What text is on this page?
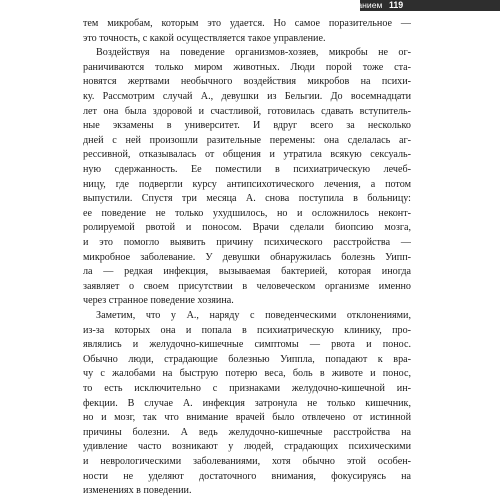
Контроль над сознанием 119
тем микробам, которым это удается. Но самое поразительное —
это точность, с какой осуществляется такое управление.
Воздействуя на поведение организмов-хозяев, микробы не ог-
раничиваются только миром животных. Люди порой тоже ста-
новятся жертвами необычного воздействия микробов на психи-
ку. Рассмотрим случай А., девушки из Бельгии. До восемнадцати
лет она была здоровой и счастливой, готовилась сдавать вступитель-
ные экзамены в университет. И вдруг всего за несколько
дней с ней произошли разительные перемены: она сделалась аг-
рессивной, отказывалась от общения и утратила всякую сексуаль-
ную сдержанность. Ее поместили в психиатрическую лечеб-
ницу, где подвергли курсу антипсихотического лечения, а потом
выпустили. Спустя три месяца А. снова поступила в больницу:
ее поведение не только ухудшилось, но и осложнилось неконт-
ролируемой рвотой и поносом. Врачи сделали биопсию мозга,
и это помогло выявить причину психического расстройства —
микробное заболевание. У девушки обнаружилась болезнь Уипп-
ла — редкая инфекция, вызываемая бактерией, которая иногда
заявляет о своем присутствии в человеческом организме именно
через странное поведение хозяина.
Заметим, что у А., наряду с поведенческими отклонениями,
из-за которых она и попала в психиатрическую клинику, про-
являлись и желудочно-кишечные симптомы — рвота и понос.
Обычно люди, страдающие болезнью Уиппла, попадают к вра-
чу с жалобами на быструю потерю веса, боль в животе и понос,
то есть исключительно с признаками желудочно-кишечной ин-
фекции. В случае А. инфекция затронула не только кишечник,
но и мозг, так что внимание врачей было отвлечено от истинной
причины болезни. А ведь желудочно-кишечные расстройства на
удивление часто возникают у людей, страдающих психическими
и неврологическими заболеваниями, хотя обычно этой особен-
ности не уделяют достаточного внимания, фокусируясь на
изменениях в поведении.
